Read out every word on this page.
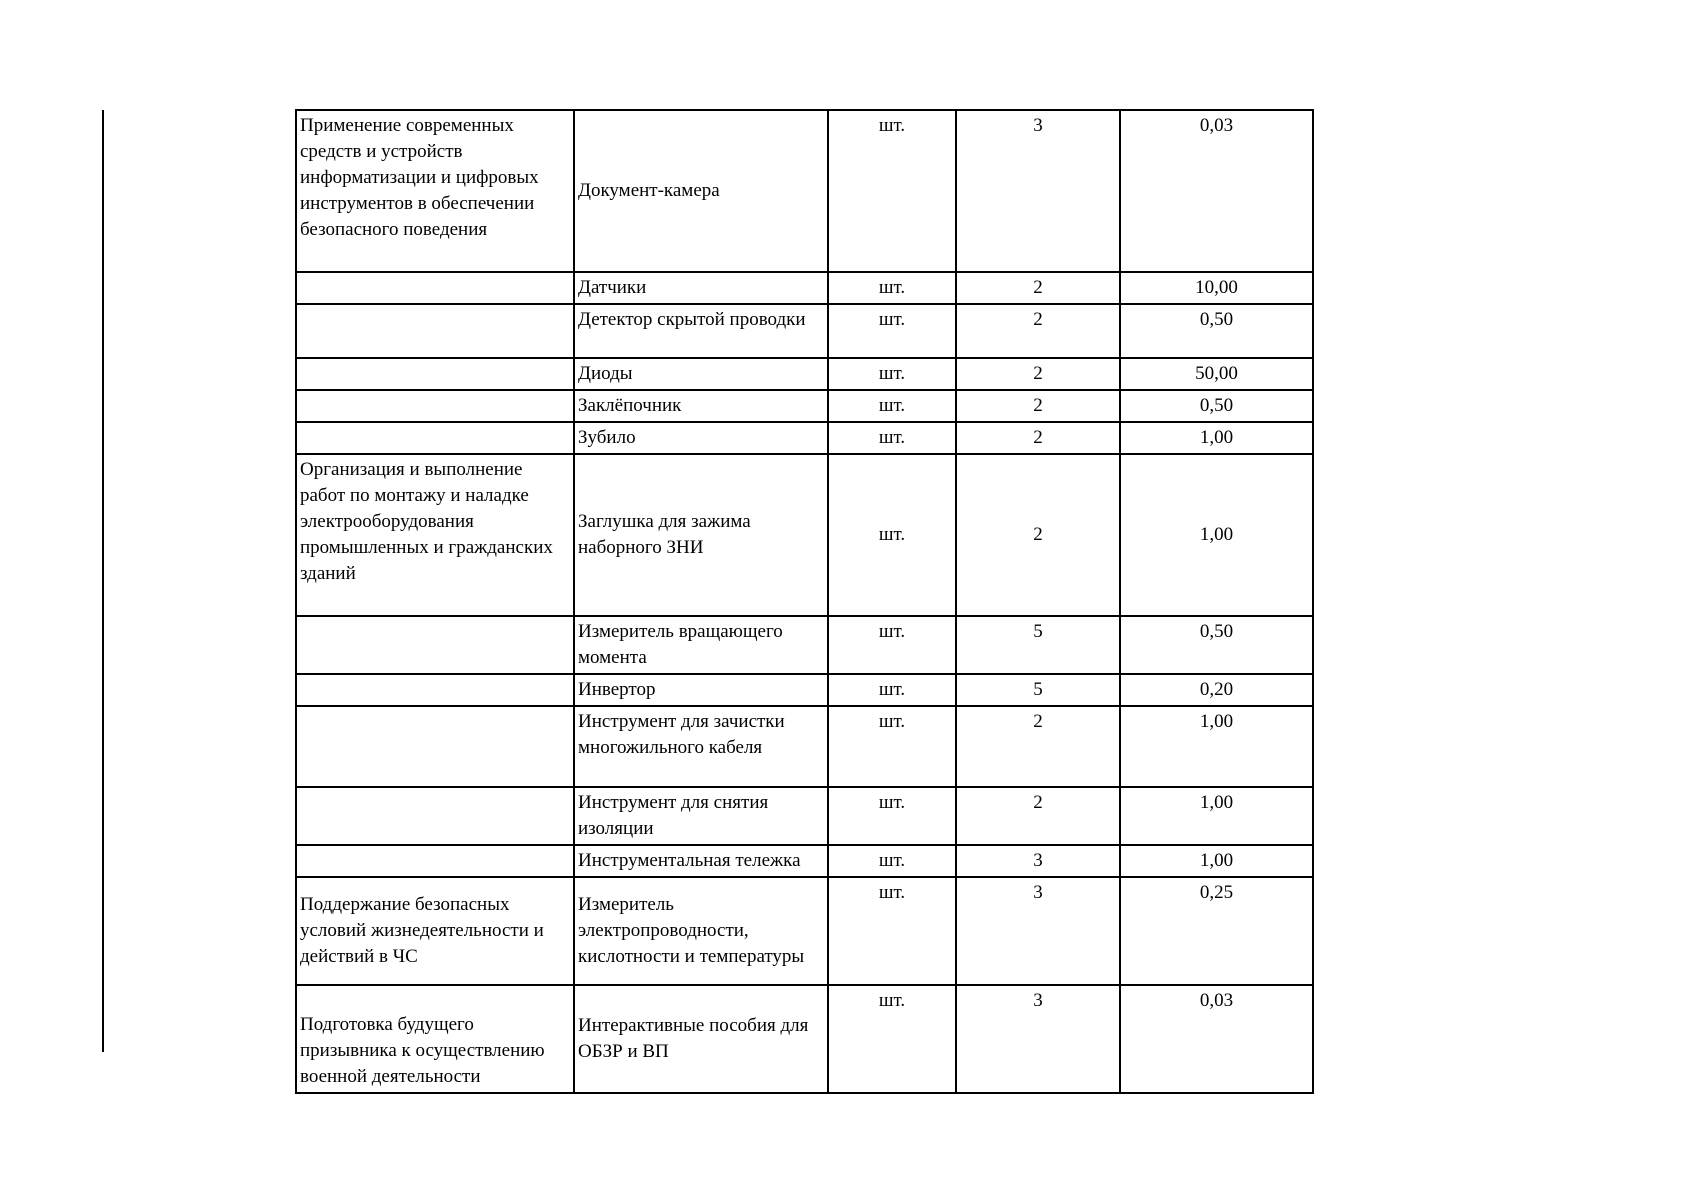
Применение современных средств и устройств информатизации и цифровых инструментов в обеспечении безопасного поведения	Документ-камера	шт.	3	0,03
	Датчики	шт.	2	10,00
	Детектор скрытой проводки	шт.	2	0,50
	Диоды	шт.	2	50,00
	Заклёпочник	шт.	2	0,50
	Зубило	шт.	2	1,00
Организация и выполнение работ по монтажу и наладке электрооборудования промышленных и гражданских зданий	Заглушка для зажима наборного ЗНИ	шт.	2	1,00
	Измеритель вращающего момента	шт.	5	0,50
	Инвертор	шт.	5	0,20
	Инструмент для зачистки многожильного кабеля	шт.	2	1,00
	Инструмент для снятия изоляции	шт.	2	1,00
	Инструментальная тележка	шт.	3	1,00
Поддержание безопасных условий жизнедеятельности и действий в ЧС	Измеритель электропроводности, кислотности и температуры	шт.	3	0,25
Подготовка будущего призывника к осуществлению военной деятельности	Интерактивные пособия для ОБЗР и ВП	шт.	3	0,03
